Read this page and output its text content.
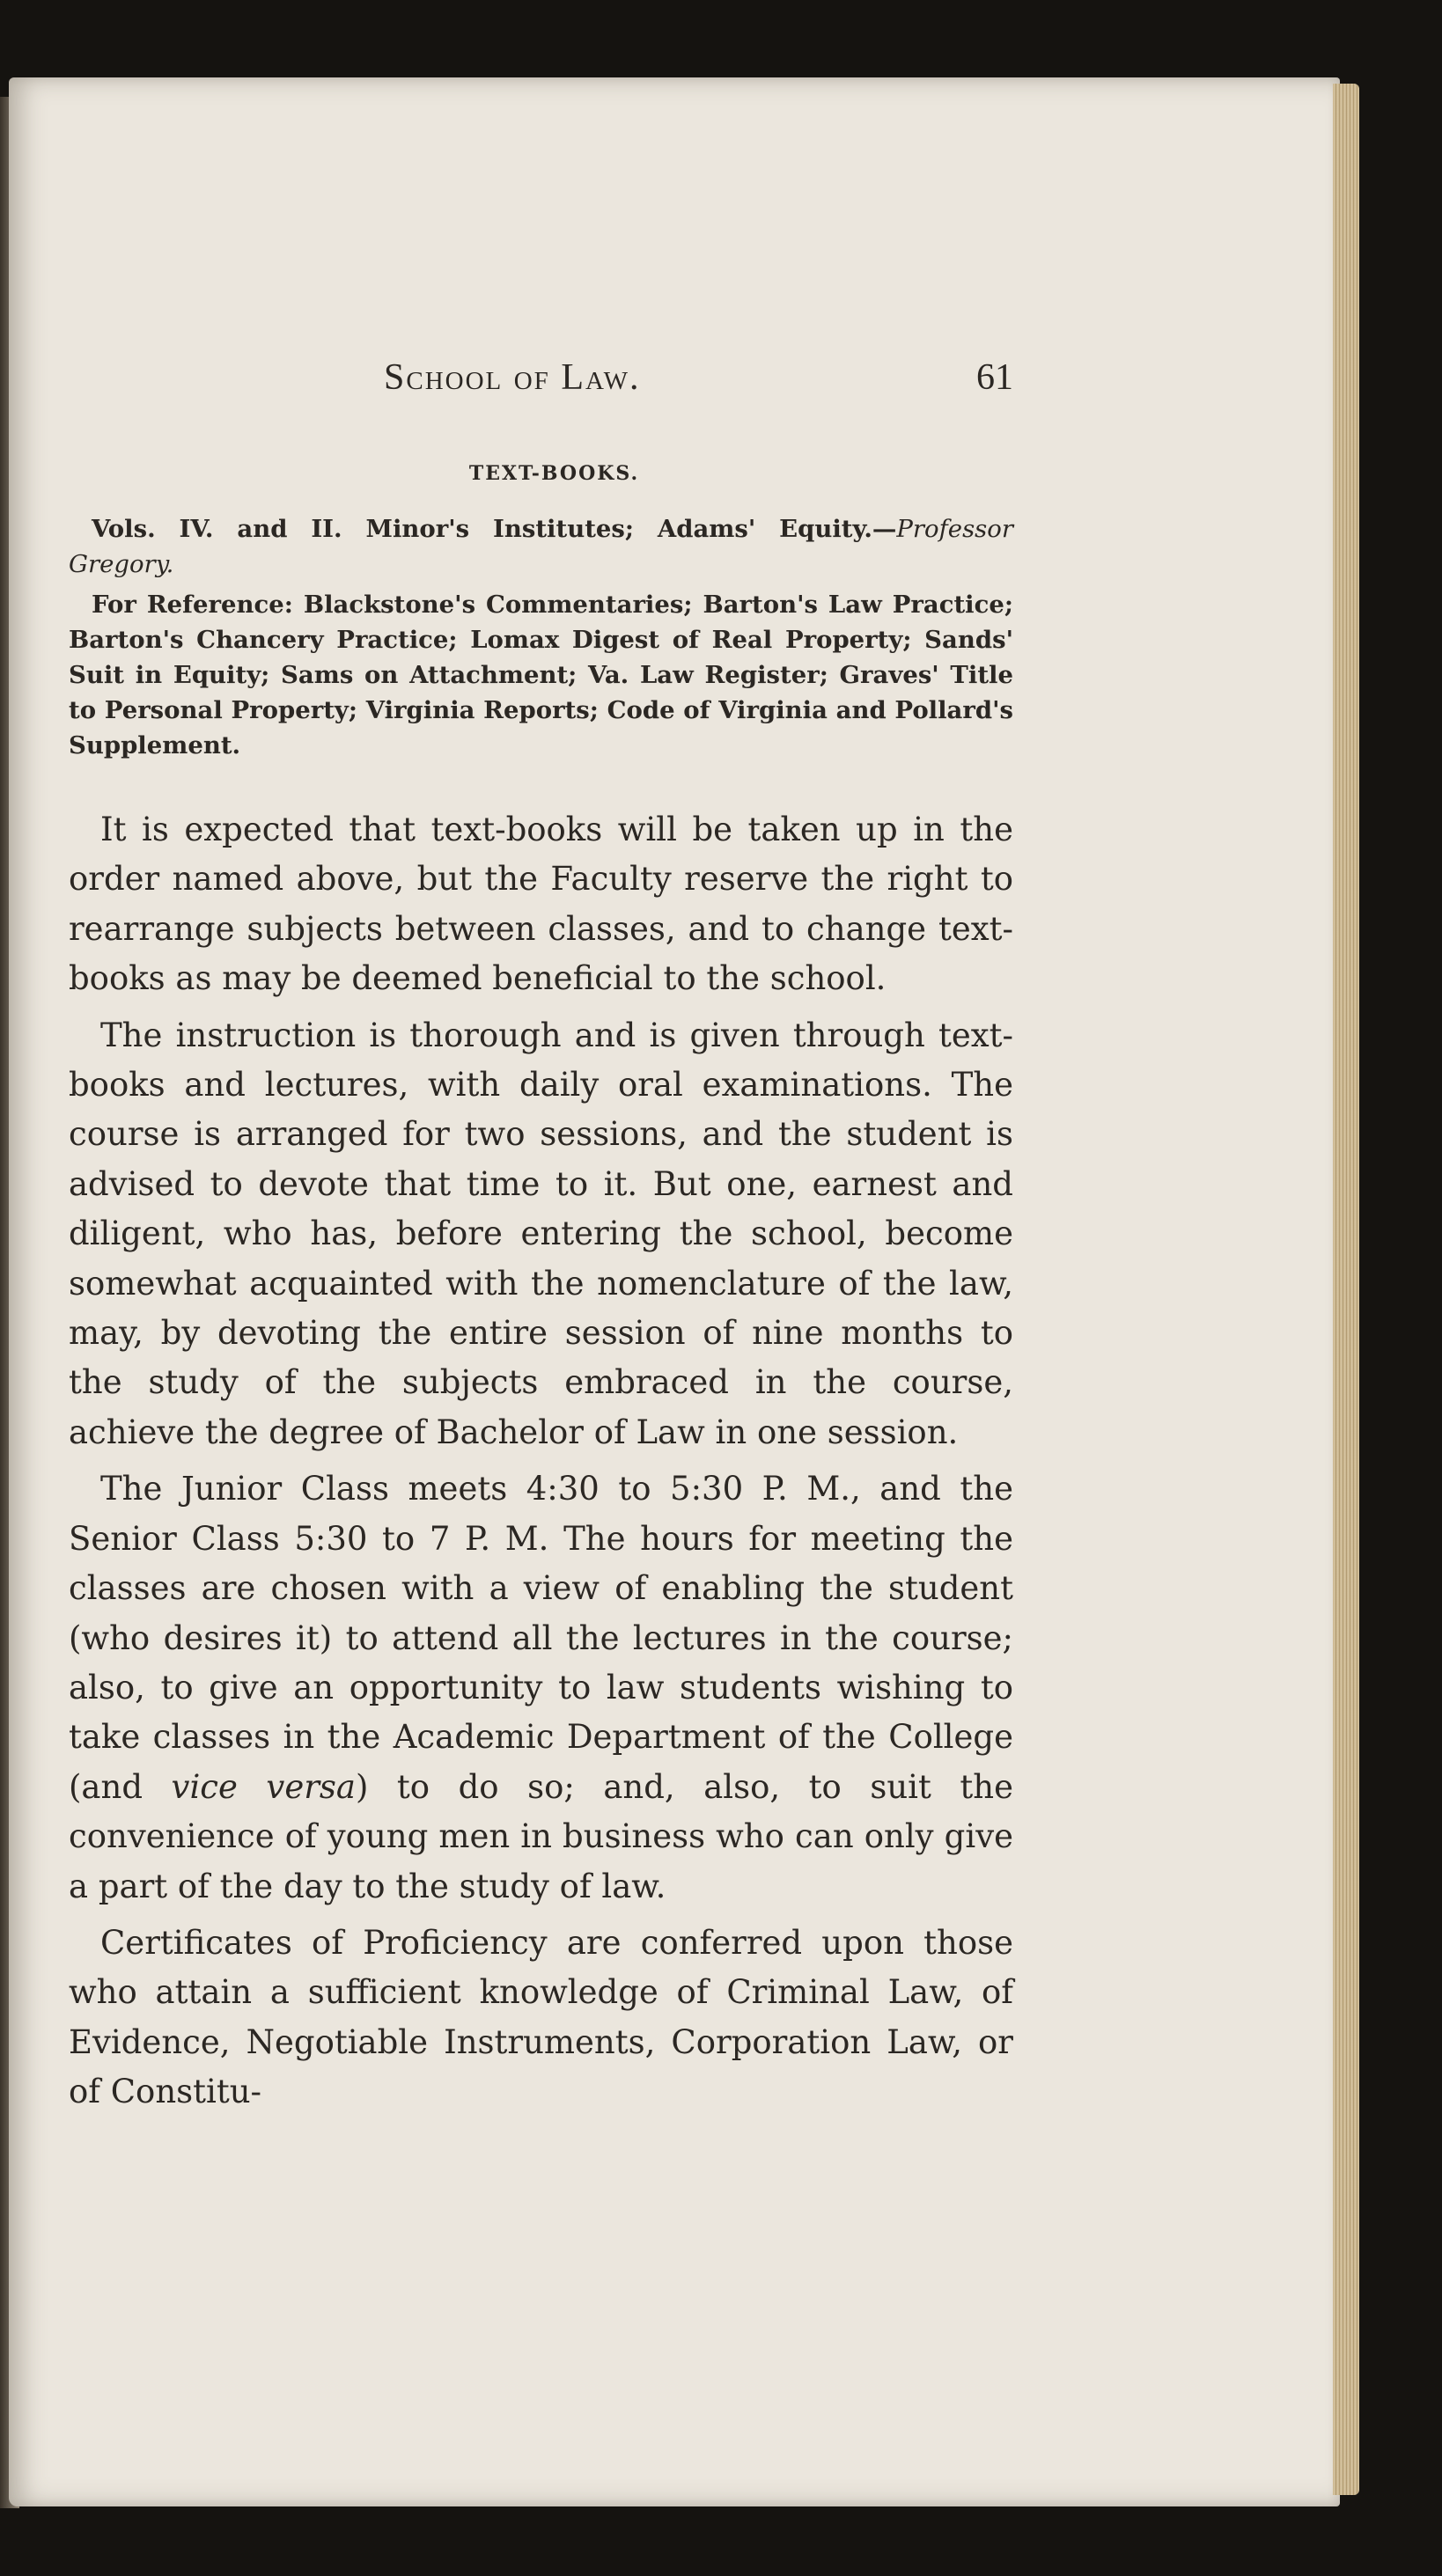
School of Law.	61
TEXT-BOOKS.

Vols. IV. and II. Minor's Institutes; Adams' Equity.—Professor Gregory.

For Reference: Blackstone's Commentaries; Barton's Law Practice; Barton's Chancery Practice; Lomax Digest of Real Property; Sands' Suit in Equity; Sams on Attachment; Va. Law Register; Graves' Title to Personal Property; Virginia Reports; Code of Virginia and Pollard's Supplement.

It is expected that text-books will be taken up in the order named above, but the Faculty reserve the right to rearrange subjects between classes, and to change text-books as may be deemed beneficial to the school.

The instruction is thorough and is given through text-books and lectures, with daily oral examinations. The course is arranged for two sessions, and the student is advised to devote that time to it. But one, earnest and diligent, who has, before entering the school, become somewhat acquainted with the nomenclature of the law, may, by devoting the entire session of nine months to the study of the subjects embraced in the course, achieve the degree of Bachelor of Law in one session.

The Junior Class meets 4:30 to 5:30 P. M., and the Senior Class 5:30 to 7 P. M. The hours for meeting the classes are chosen with a view of enabling the student (who desires it) to attend all the lectures in the course; also, to give an opportunity to law students wishing to take classes in the Academic Department of the College (and vice versa) to do so; and, also, to suit the convenience of young men in business who can only give a part of the day to the study of law.

Certificates of Proficiency are conferred upon those who attain a sufficient knowledge of Criminal Law, of Evidence, Negotiable Instruments, Corporation Law, or of Constitu-
